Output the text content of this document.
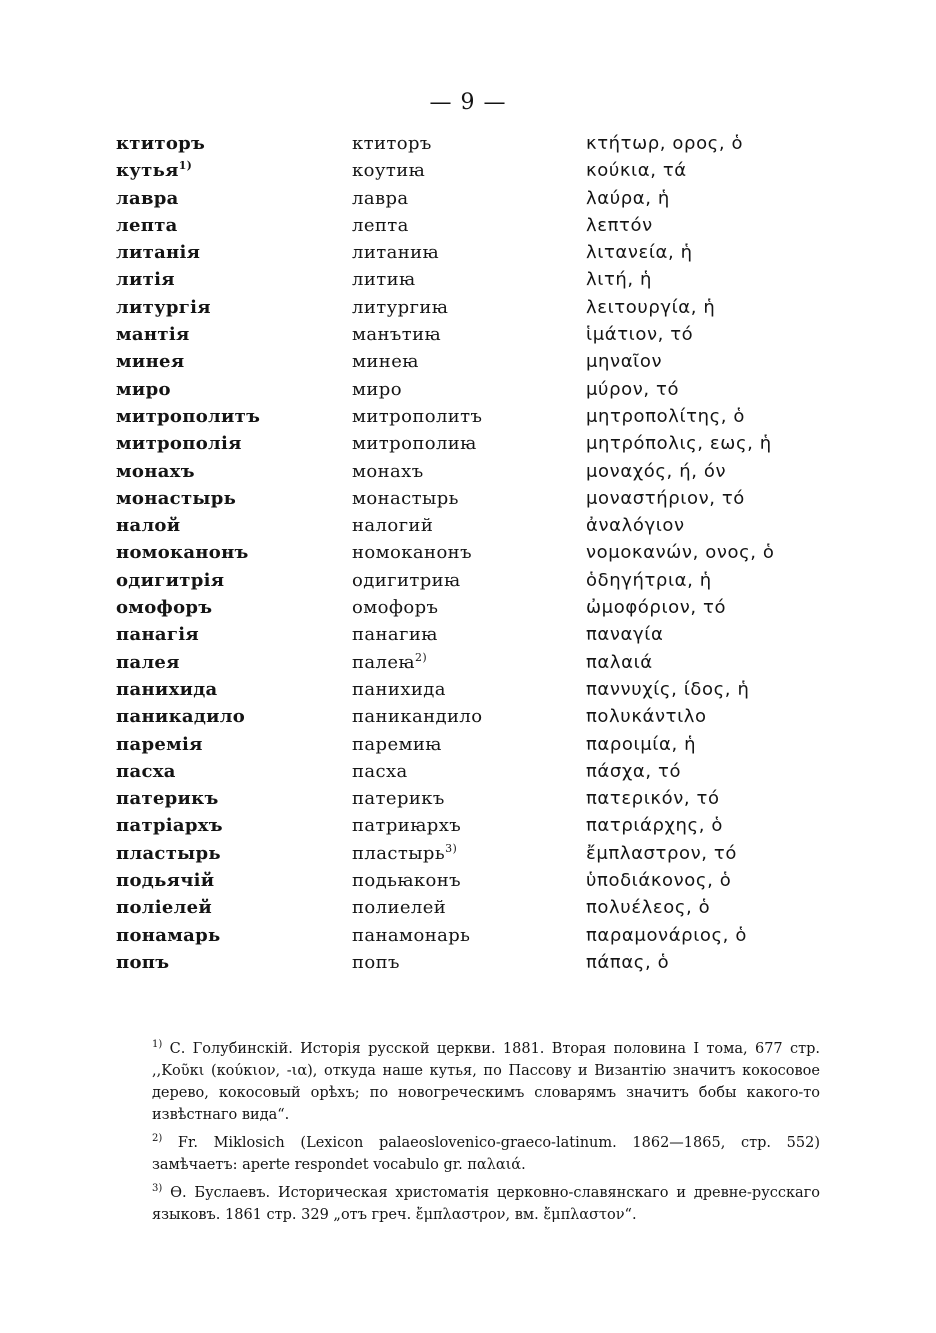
— 9 —
ктиторъ	ктиторъ	κτήτωρ, ορος, ὁ
кутья$^{1)}$	коутиꙗ	κούκια, τά
лавра	лавра	λαύρα, ἡ
лепта	лепта	λεπτόν
литанія	литаниꙗ	λιτανεία, ἡ
литія	литиꙗ	λιτή, ἡ
литургія	литургиꙗ	λειτουργία, ἡ
мантія	манътиꙗ	ἱμάτιον, τό
минея	минеꙗ	μηναῖον
миро	миро	μύρον, τό
митрополитъ	митрополитъ	μητροπολίτης, ὁ
митрополія	митрополиꙗ	μητρόπολις, εως, ἡ
монахъ	монахъ	μοναχός, ή, όν
монастырь	монастырь	μοναστήριον, τό
налой	налогий	ἀναλόγιον
номоканонъ	номоканонъ	νομοκανών, ονος, ὁ
одигитрія	одигитриꙗ	ὁδηγήτρια, ἡ
омофоръ	омофоръ	ὠμοφόριον, τό
панагія	панагиꙗ	παναγία
палея	палеꙗ$^{2)}$	παλαιά
панихида	панихида	παννυχίς, ίδος, ἡ
паникадило	паникандило	πολυκάντιλο
паремія	паремиꙗ	παροιμία, ἡ
пасха	пасха	πάσχα, τό
патерикъ	патерикъ	πατερικόν, τό
патріархъ	патриꙗрхъ	πατριάρχης, ὁ
пластырь	пластырь$^{3)}$	ἔμπλαστρον, τό
подьячій	подьꙗконъ	ὑποδιάκονος, ὁ
поліелей	полиелей	πολυέλεος, ὁ
понамарь	панамонарь	παραμονάριος, ὁ
попъ	попъ	πάπας, ὁ
$^{1)}$ С. Голубинскій. Исторія русской церкви. 1881. Вторая половина I тома, 677 стр. ,,Κοῦκι (κούκιον, -ια), откуда наше кутья, по Пассову и Византію значитъ кокосовое дерево, кокосовый орѣхъ; по новогреческимъ словарямъ значитъ бобы какого-то извѣстнаго вида“.
$^{2)}$ Fr. Miklosich (Lexicon palaeoslovenico-graeco-latinum. 1862—1865, стр. 552) замѣчаетъ: aperte respondet vocabulo gr. παλαιά.
$^{3)}$ Ѳ. Буслаевъ. Историческая христоматія церковно-славянскаго и древне-русскаго языковъ. 1861 стр. 329 „отъ греч. ἔμπλαστρον, вм. ἔμπλαστον“.
